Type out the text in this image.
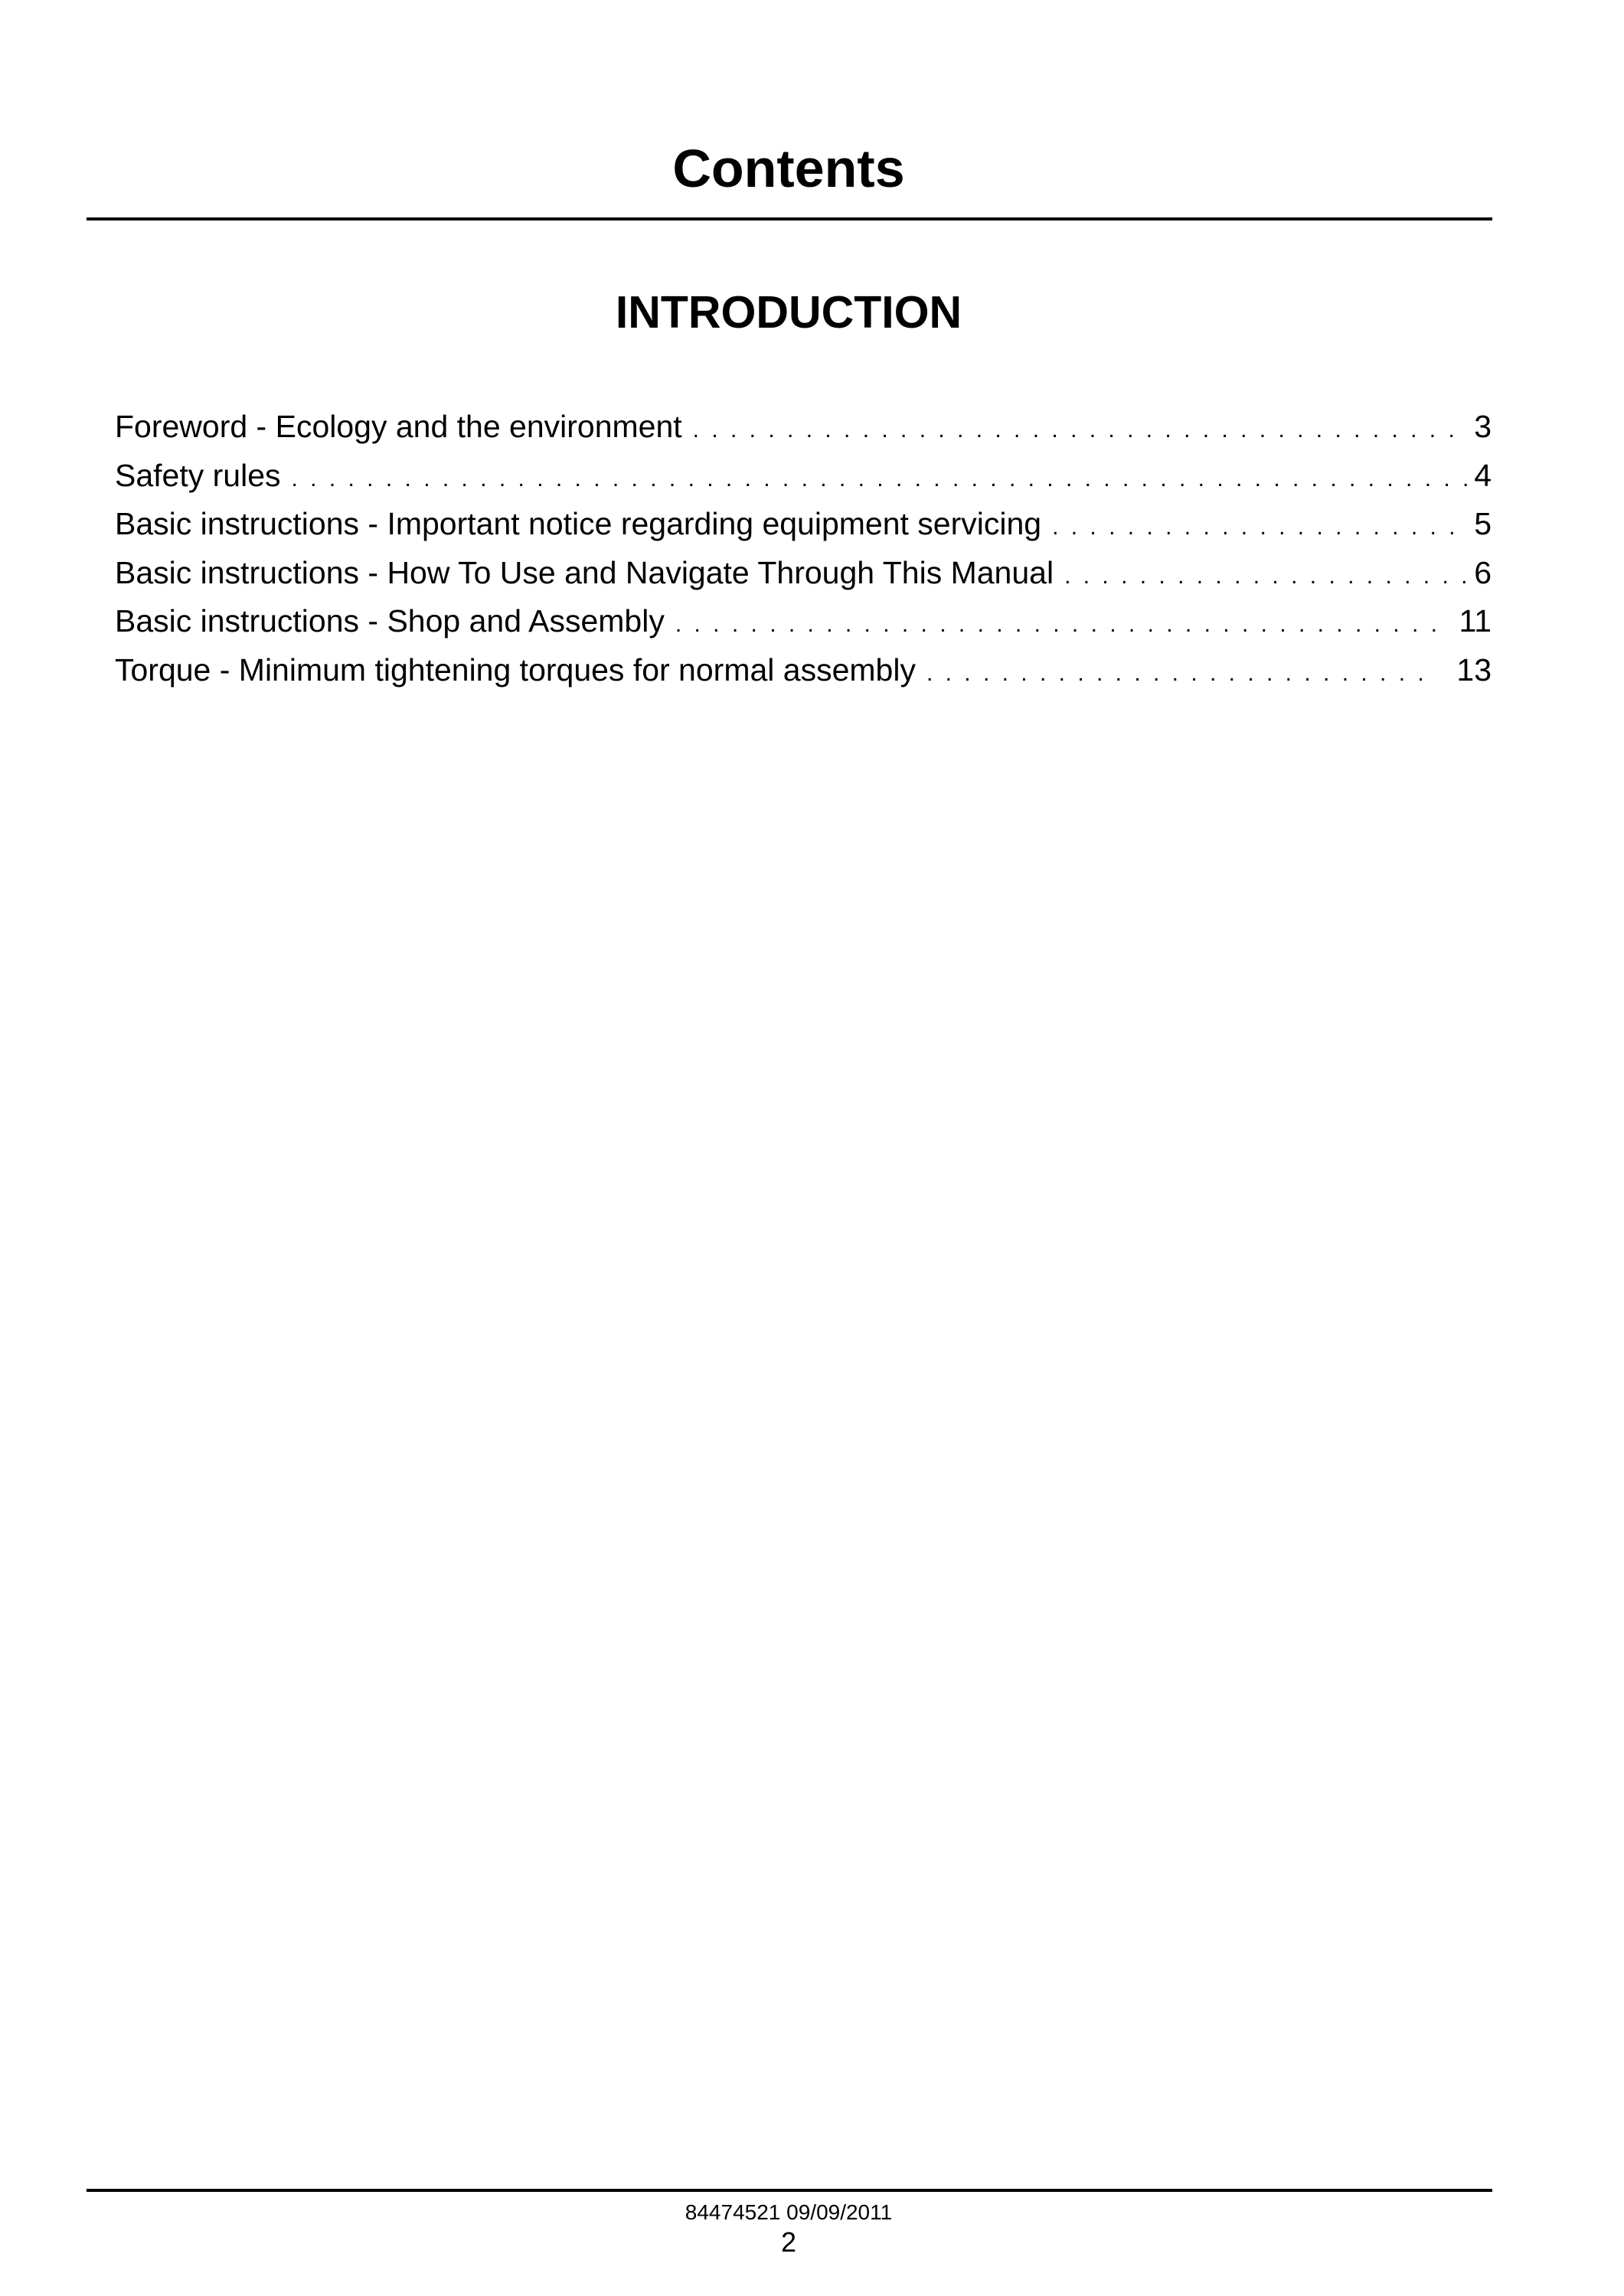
Contents
INTRODUCTION
Foreword - Ecology and the environment . . .	3
Safety rules . . .	4
Basic instructions - Important notice regarding equipment servicing . . .	5
Basic instructions - How To Use and Navigate Through This Manual . . .	6
Basic instructions - Shop and Assembly . . .	11
Torque - Minimum tightening torques for normal assembly . . .	13
84474521 09/09/2011
2
